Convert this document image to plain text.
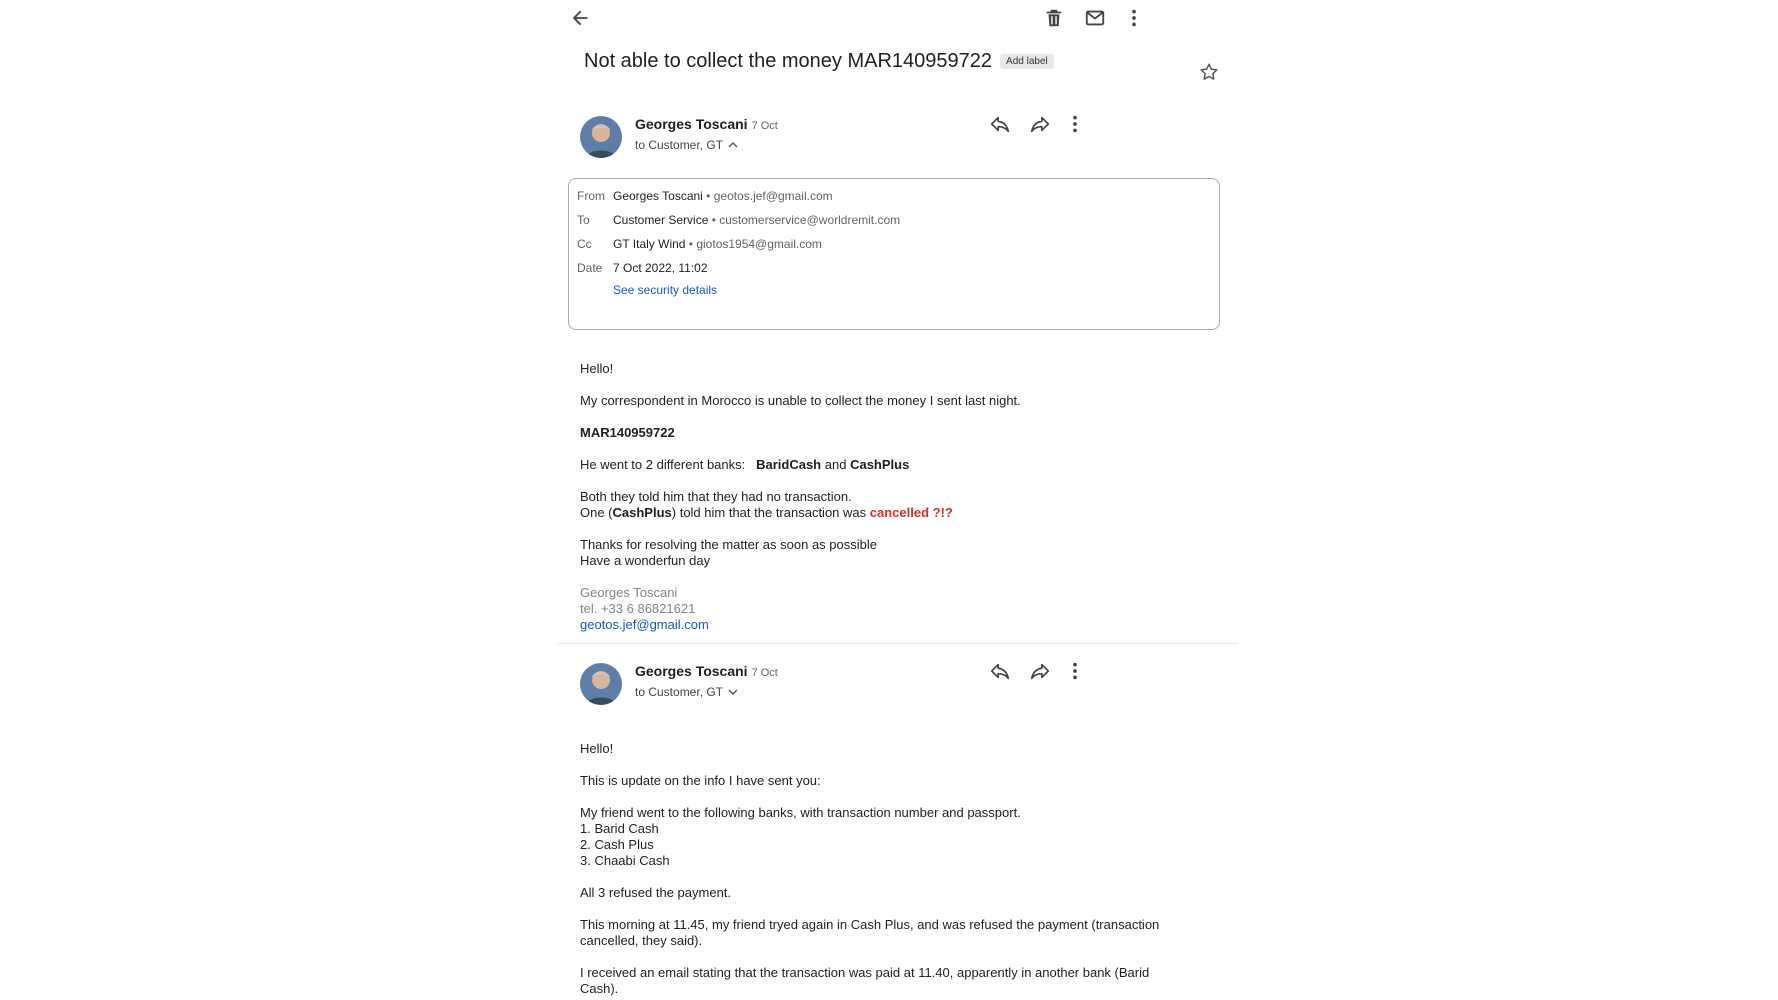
Not able to collect the money MAR140959722	Add label
Georges Toscani 7 Oct
to Customer, GT
From Georges Toscani • geotos.jef@gmail.com
To Customer Service • customerservice@worldremit.com
Cc GT Italy Wind • giotos1954@gmail.com
Date 7 Oct 2022, 11:02
See security details

Hello!

My correspondent in Morocco is unable to collect the money I sent last night.

MAR140959722

He went to 2 different banks: BaridCash and CashPlus

Both they told him that they had no transaction.

One (CashPlus) told him that the transaction was cancelled ?!?

Thanks for resolving the matter as soon as possible

Have a wonderfun day

Georges Toscani

tel. +33 6 86821621

geotos.jef@gmail.com

Georges Toscani 7 Oct
to Customer, GT

Hello!

This is update on the info I have sent you:

My friend went to the following banks, with transaction number and passport.

1. Barid Cash

2. Cash Plus

3. Chaabi Cash

All 3 refused the payment.

This morning at 11.45, my friend tryed again in Cash Plus, and was refused the payment (transaction

cancelled, they said).

I received an email stating that the transaction was paid at 11.40, apparently in another bank (Barid

Cash).
